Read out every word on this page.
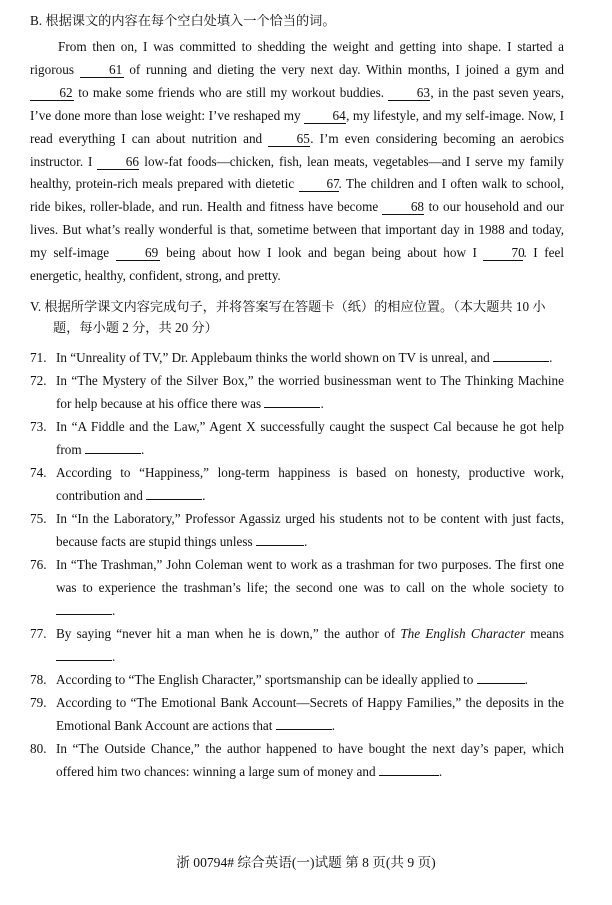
B. 根据课文的内容在每个空白处填入一个恰当的词。

From then on, I was committed to shedding the weight and getting into shape. I started a rigorous 61 of running and dieting the very next day. Within months, I joined a gym and 62 to make some friends who are still my workout buddies. 63, in the past seven years, I’ve done more than lose weight: I’ve reshaped my 64, my lifestyle, and my self-image. Now, I read everything I can about nutrition and 65. I’m even considering becoming an aerobics instructor. I 66 low-fat foods—chicken, fish, lean meats, vegetables—and I serve my family healthy, protein-rich meals prepared with dietetic 67. The children and I often walk to school, ride bikes, roller-blade, and run. Health and fitness have become 68 to our household and our lives. But what’s really wonderful is that, sometime between that important day in 1988 and today, my self-image 69 being about how I look and began being about how I 70. I feel energetic, healthy, confident, strong, and pretty.

V. 根据所学课文内容完成句子，并将答案写在答题卡（纸）的相应位置。（本大题共 10 小题，每小题 2 分，共 20 分）

71. In “Unreality of TV,” Dr. Applebaum thinks the world shown on TV is unreal, and	.
72. In “The Mystery of the Silver Box,” the worried businessman went to The Thinking Machine for help because at his office there was	.
73. In “A Fiddle and the Law,” Agent X successfully caught the suspect Cal because he got help from	.
74. According to “Happiness,” long-term happiness is based on honesty, productive work, contribution and	.
75. In “In the Laboratory,” Professor Agassiz urged his students not to be content with just facts, because facts are stupid things unless	.
76. In “The Trashman,” John Coleman went to work as a trashman for two purposes. The first one was to experience the trashman’s life; the second one was to call on the whole society to .
77. By saying “never hit a man when he is down,” the author of The English Character means .
78. According to “The English Character,” sportsmanship can be ideally applied to	.
79. According to “The Emotional Bank Account—Secrets of Happy Families,” the deposits in the Emotional Bank Account are actions that	.
80. In “The Outside Chance,” the author happened to have bought the next day’s paper, which offered him two chances: winning a large sum of money and	.
浙 00794# 综合英语(一)试题 第 8 页(共 9 页)
